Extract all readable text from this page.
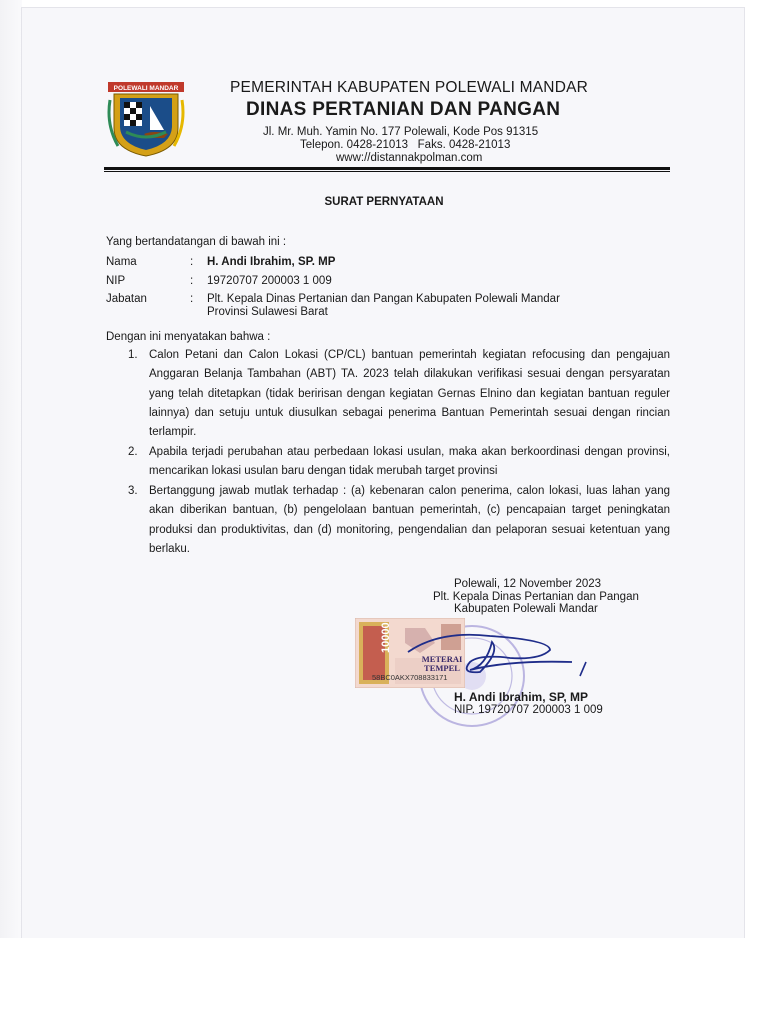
POLEWALI MANDAR	PEMERINTAH KABUPATEN POLEWALI MANDAR
DINAS PERTANIAN DAN PANGAN
Jl. Mr. Muh. Yamin No. 177 Polewali, Kode Pos 91315
Telepon. 0428-21013   Faks. 0428-21013
www://distannakpolman.com
SURAT PERNYATAAN
Yang bertandatangan di bawah ini :
Nama	: H. Andi Ibrahim, SP. MP
NIP	: 19720707 200003 1 009
Jabatan	: Plt. Kepala Dinas Pertanian dan Pangan Kabupaten Polewali Mandar
Provinsi Sulawesi Barat
Dengan ini menyatakan bahwa :
1. Calon Petani dan Calon Lokasi (CP/CL) bantuan pemerintah kegiatan refocusing dan pengajuan Anggaran Belanja Tambahan (ABT) TA. 2023 telah dilakukan verifikasi sesuai dengan persyaratan yang telah ditetapkan (tidak beririsan dengan kegiatan Gernas Elnino dan kegiatan bantuan reguler lainnya) dan setuju untuk diusulkan sebagai penerima Bantuan Pemerintah sesuai dengan rincian terlampir.
2. Apabila terjadi perubahan atau perbedaan lokasi usulan, maka akan berkoordinasi dengan provinsi, mencarikan lokasi usulan baru dengan tidak merubah target provinsi
3. Bertanggung jawab mutlak terhadap : (a) kebenaran calon penerima, calon lokasi, luas lahan yang akan diberikan bantuan, (b) pengelolaan bantuan pemerintah, (c) pencapaian target peningkatan produksi dan produktivitas, dan (d) monitoring, pengendalian dan pelaporan sesuai ketentuan yang berlaku.
Polewali, 12 November 2023
Plt. Kepala Dinas Pertanian dan Pangan
Kabupaten Polewali Mandar
10000
METERAI TEMPEL
58BC0AKX708833171
H. Andi Ibrahim, SP, MP
NIP. 19720707 200003 1 009
